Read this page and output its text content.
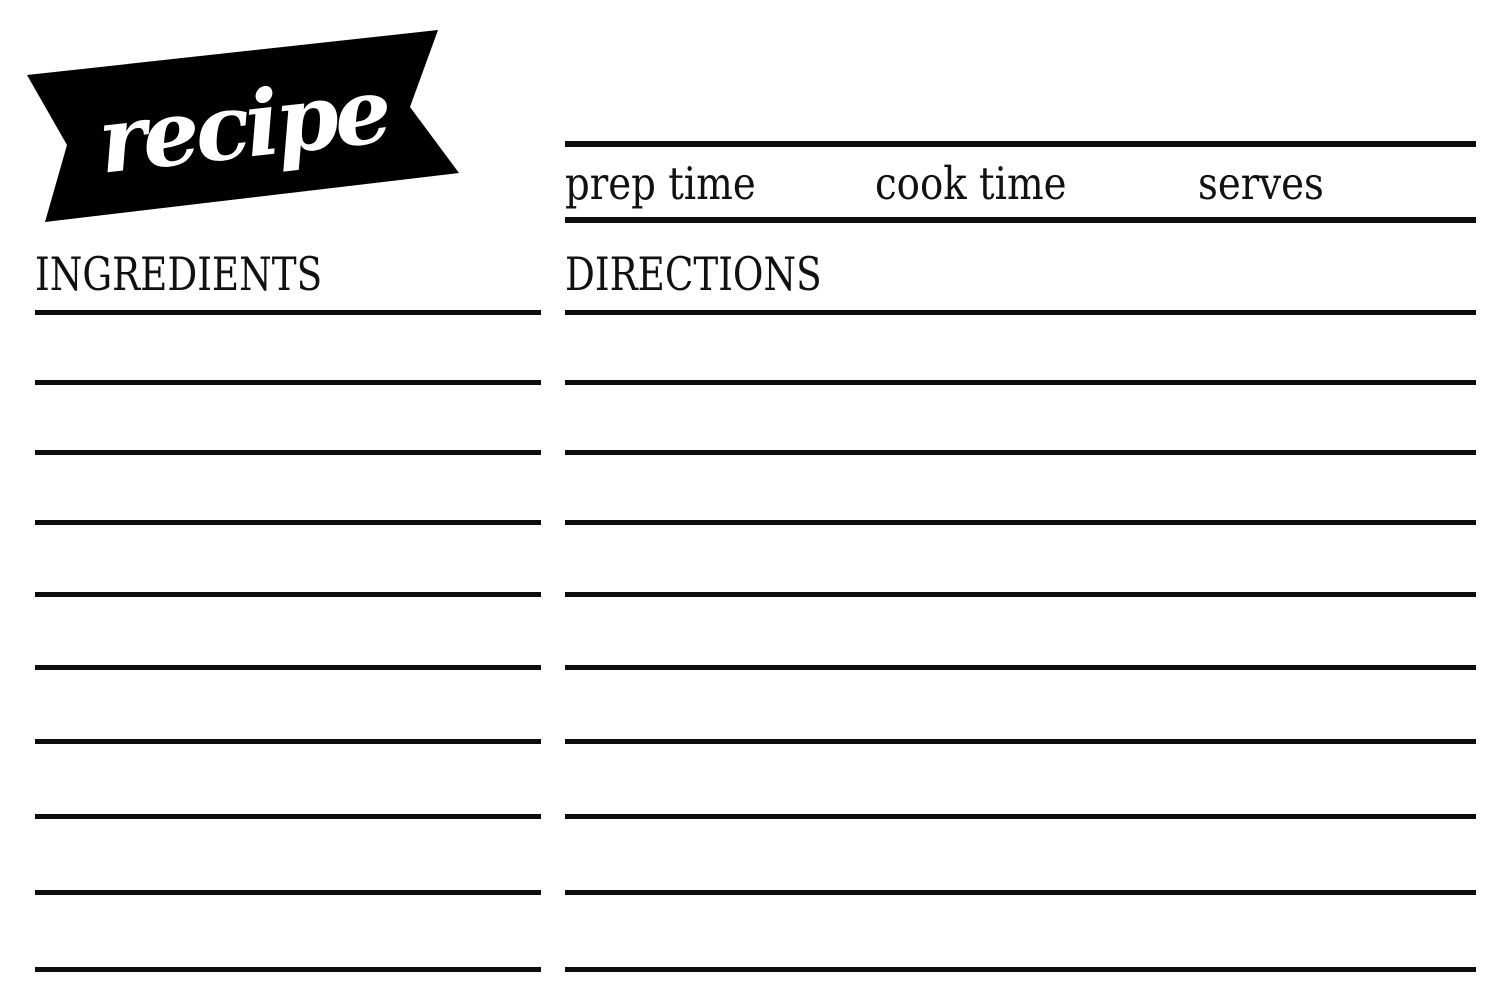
recipe	prep time	cook time	serves
INGREDIENTS	DIRECTIONS
